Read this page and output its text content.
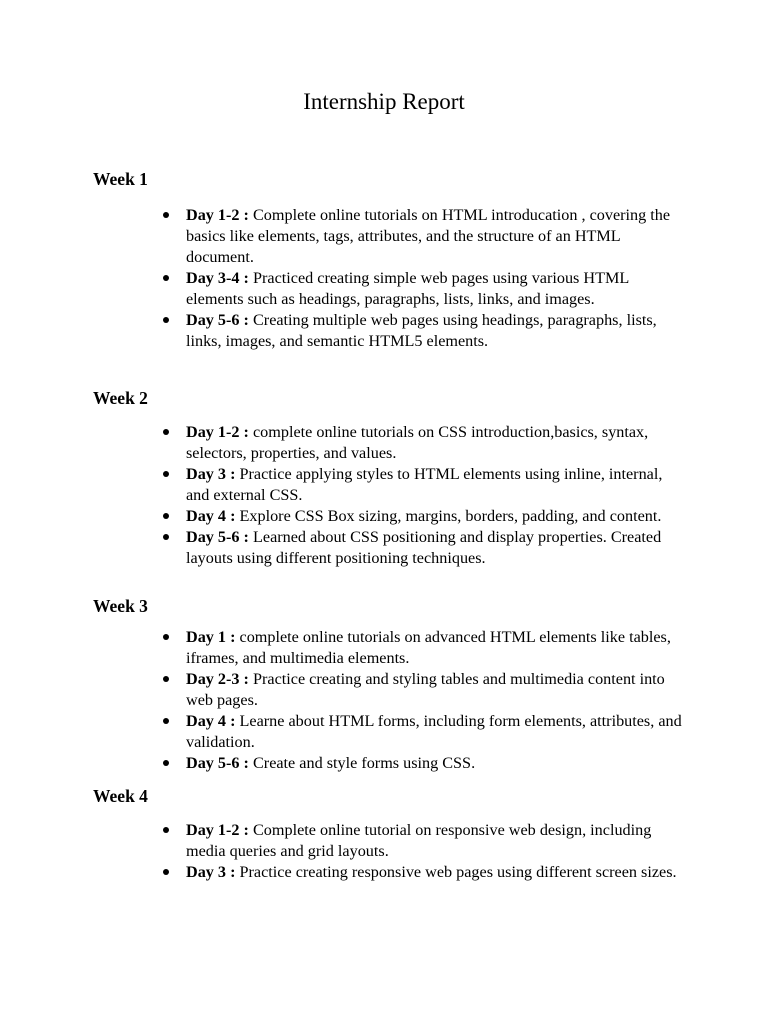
Internship Report
Week 1
Day 1-2 : Complete online tutorials on HTML introducation , covering the basics like elements, tags, attributes, and the structure of an HTML document.
Day 3-4 : Practiced creating simple web pages using various HTML elements such as headings, paragraphs, lists, links, and images.
Day 5-6 : Creating multiple web pages using headings, paragraphs, lists, links, images, and semantic HTML5 elements.
Week 2
Day 1-2 : complete online tutorials on CSS introduction,basics, syntax, selectors, properties, and values.
Day 3 : Practice applying styles to HTML elements using inline, internal, and external CSS.
Day 4 : Explore CSS Box sizing, margins, borders, padding, and content.
Day 5-6 : Learned about CSS positioning and display properties. Created layouts using different positioning techniques.
Week 3
Day 1 : complete online tutorials on advanced HTML elements like tables, iframes, and multimedia elements.
Day 2-3 : Practice creating and styling tables and multimedia content into web pages.
Day 4 : Learne about HTML forms, including form elements, attributes, and validation.
Day 5-6 : Create and style forms using CSS.
Week 4
Day 1-2 : Complete online tutorial on responsive web design, including media queries and grid layouts.
Day 3 : Practice creating responsive web pages using different screen sizes.
